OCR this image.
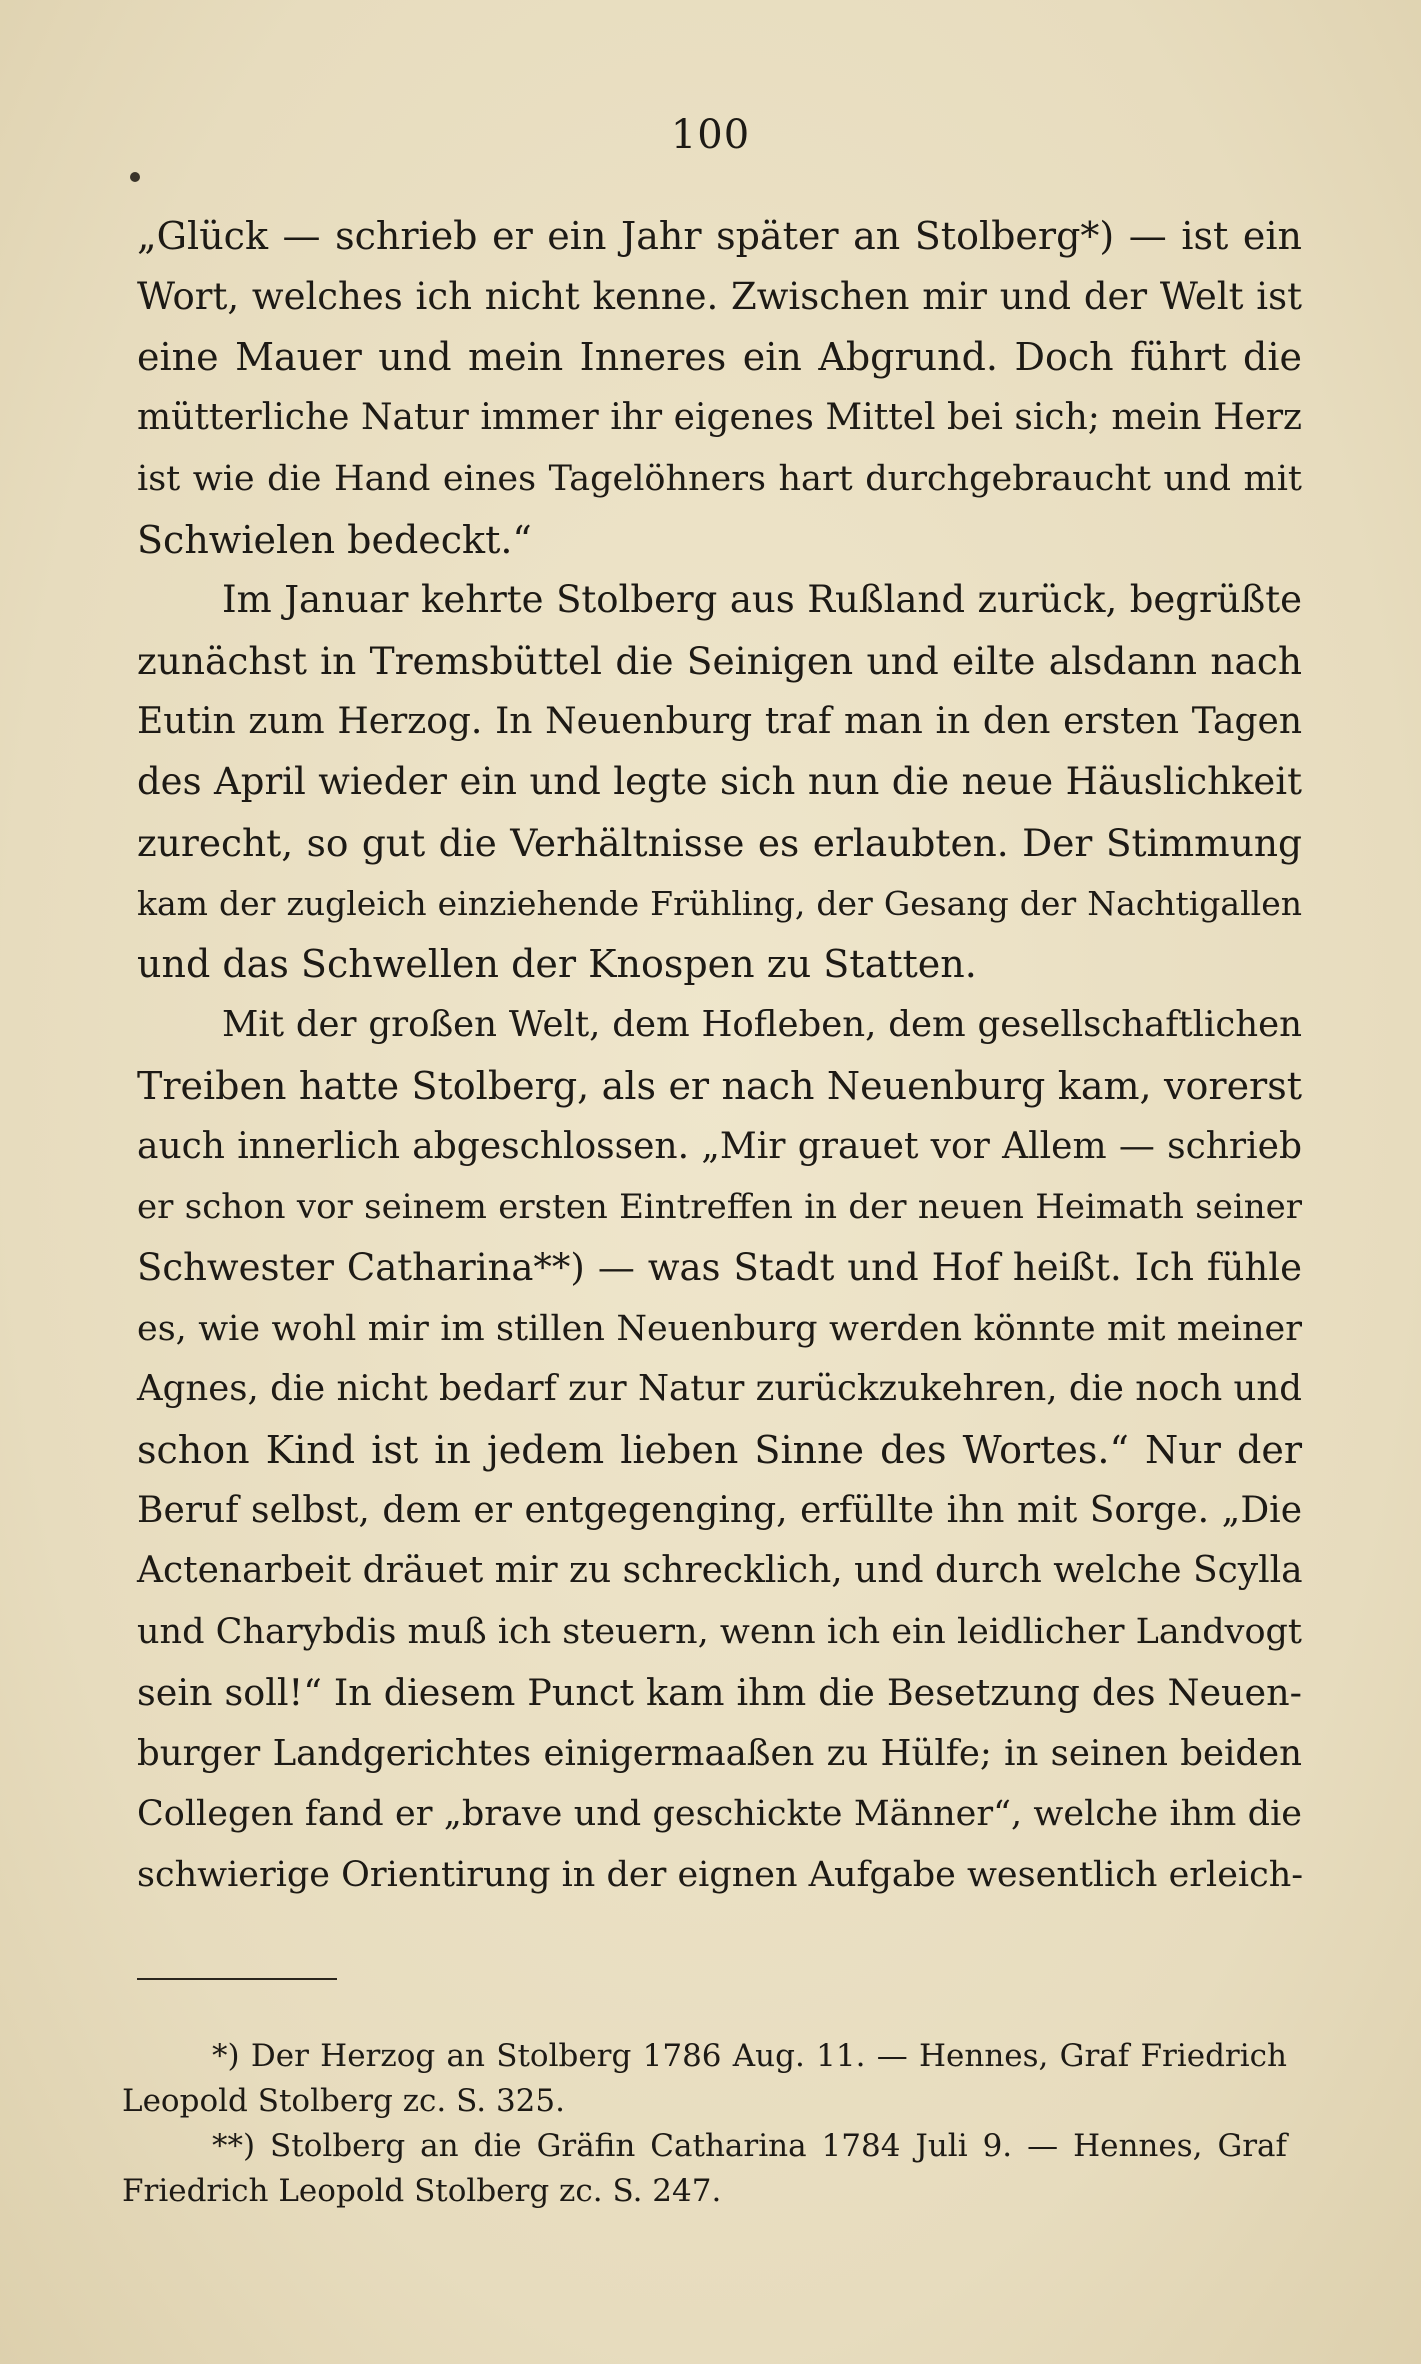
100
„Glück — schrieb er ein Jahr später an Stolberg*) — ist ein
Wort, welches ich nicht kenne. Zwischen mir und der Welt ist
eine Mauer und mein Inneres ein Abgrund. Doch führt die
mütterliche Natur immer ihr eigenes Mittel bei sich; mein Herz
ist wie die Hand eines Tagelöhners hart durchgebraucht und mit
Schwielen bedeckt.“
Im Januar kehrte Stolberg aus Rußland zurück, begrüßte
zunächst in Tremsbüttel die Seinigen und eilte alsdann nach
Eutin zum Herzog. In Neuenburg traf man in den ersten Tagen
des April wieder ein und legte sich nun die neue Häuslichkeit
zurecht, so gut die Verhältnisse es erlaubten. Der Stimmung
kam der zugleich einziehende Frühling, der Gesang der Nachtigallen
und das Schwellen der Knospen zu Statten.
Mit der großen Welt, dem Hofleben, dem gesellschaftlichen
Treiben hatte Stolberg, als er nach Neuenburg kam, vorerst
auch innerlich abgeschlossen. „Mir grauet vor Allem — schrieb
er schon vor seinem ersten Eintreffen in der neuen Heimath seiner
Schwester Catharina**) — was Stadt und Hof heißt. Ich fühle
es, wie wohl mir im stillen Neuenburg werden könnte mit meiner
Agnes, die nicht bedarf zur Natur zurückzukehren, die noch und
schon Kind ist in jedem lieben Sinne des Wortes.“ Nur der
Beruf selbst, dem er entgegenging, erfüllte ihn mit Sorge. „Die
Actenarbeit dräuet mir zu schrecklich, und durch welche Scylla
und Charybdis muß ich steuern, wenn ich ein leidlicher Landvogt
sein soll!“ In diesem Punct kam ihm die Besetzung des Neuen-
burger Landgerichtes einigermaaßen zu Hülfe; in seinen beiden
Collegen fand er „brave und geschickte Männer“, welche ihm die
schwierige Orientirung in der eignen Aufgabe wesentlich erleich-
*) Der Herzog an Stolberg 1786 Aug. 11. — Hennes, Graf Friedrich
Leopold Stolberg zc. S. 325.
**) Stolberg an die Gräfin Catharina 1784 Juli 9. — Hennes, Graf
Friedrich Leopold Stolberg zc. S. 247.
